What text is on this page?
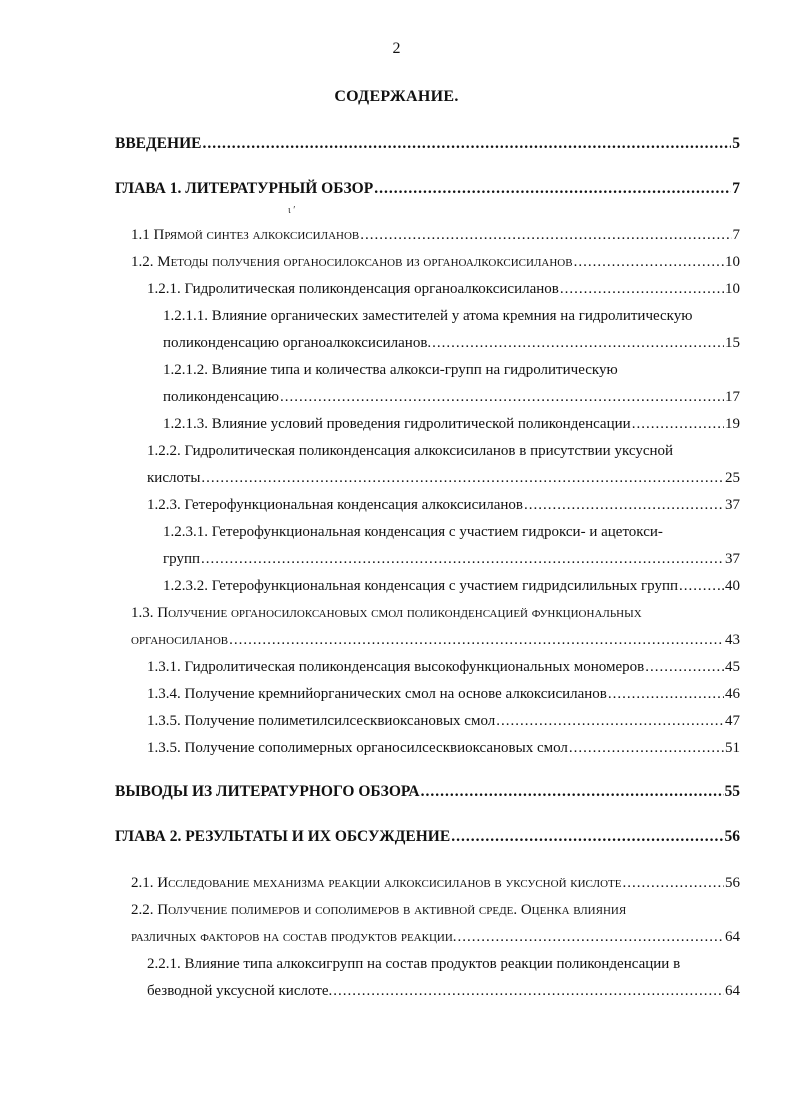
2
СОДЕРЖАНИЕ.
ι ′
ВВЕДЕНИЕ .....	5
ГЛАВА 1. ЛИТЕРАТУРНЫЙ ОБЗОР .....	7
1.1 Прямой синтез алкоксисиланов .....	7
1.2. Методы получения органосилоксанов из органоалкоксисиланов .....	10
1.2.1. Гидролитическая поликонденсация органоалкоксисиланов .....	10
1.2.1.1. Влияние органических заместителей у атома кремния на гидролитическую
поликонденсацию органоалкоксисиланов. .....	15
1.2.1.2. Влияние типа и количества алкокси-групп на гидролитическую
поликонденсацию .....	17
1.2.1.3. Влияние условий проведения гидролитической поликонденсации .....	19
1.2.2. Гидролитическая поликонденсация алкоксисиланов в присутствии уксусной
кислоты .....	25
1.2.3. Гетерофункциональная конденсация алкоксисиланов .....	37
1.2.3.1. Гетерофункциональная конденсация с участием гидрокси- и ацетокси-
групп .....	37
1.2.3.2. Гетерофункциональная конденсация с участием гидридсилильных групп .....	.40
1.3. Получение органосилоксановых смол поликонденсацией функциональных
органосиланов .....	43
1.3.1. Гидролитическая поликонденсация высокофункциональных мономеров .....	45
1.3.4. Получение кремнийорганических смол на основе алкоксисиланов .....	46
1.3.5. Получение полиметилсилсесквиоксановых смол .....	47
1.3.5. Получение сополимерных органосилсесквиоксановых смол .....	51
ВЫВОДЫ ИЗ ЛИТЕРАТУРНОГО ОБЗОРА .....	55
ГЛАВА 2. РЕЗУЛЬТАТЫ И ИХ ОБСУЖДЕНИЕ .....	56
2.1. Исследование механизма реакции алкоксисиланов в уксусной кислоте .....	56
2.2. Получение полимеров и сополимеров в активной среде. Оценка влияния
различных факторов на состав продуктов реакции. .....	64
2.2.1. Влияние типа алкоксигрупп на состав продуктов реакции поликонденсации в
безводной уксусной кислоте. .....	64
